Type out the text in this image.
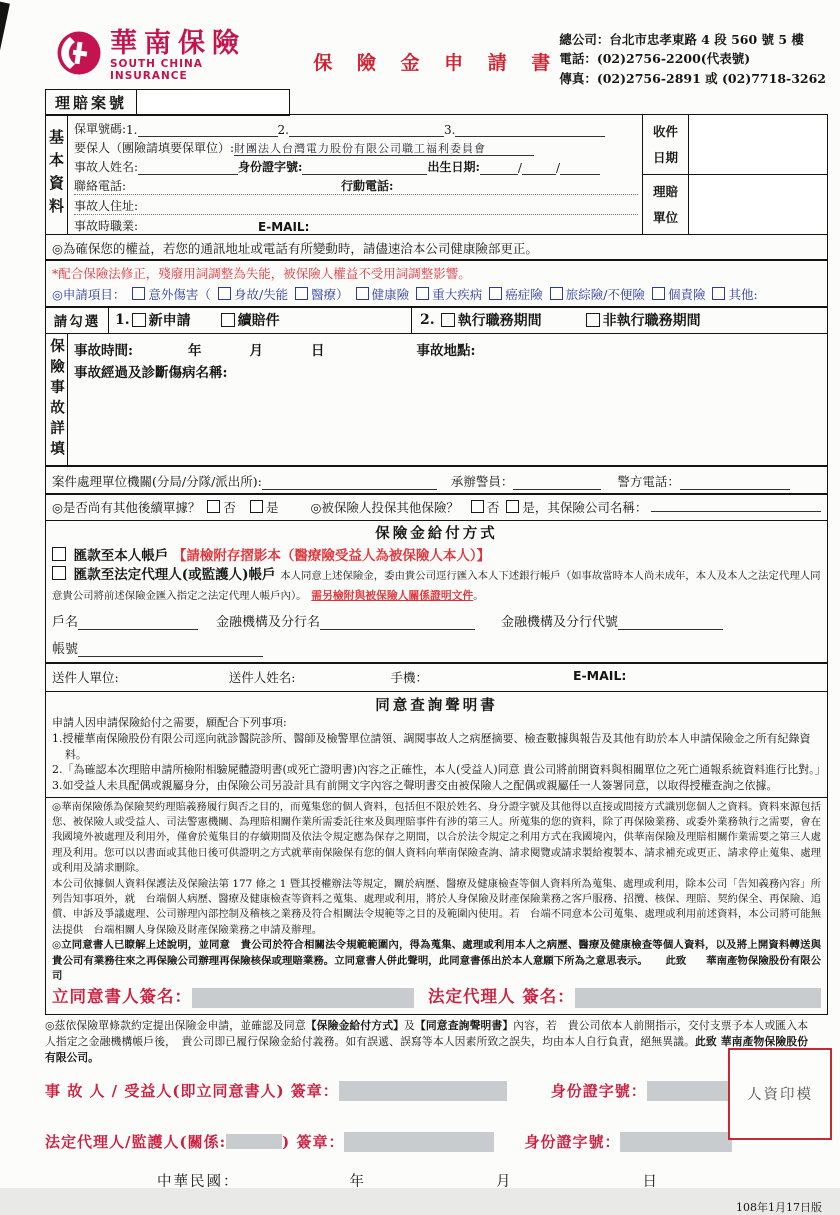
華南保險
SOUTH CHINA INSURANCE
保 險 金 申 請 書
總公司：台北市忠孝東路 4 段 560 號 5 樓
電話：(02)2756-2200(代表號)
傳真：(02)2756-2891 或 (02)7718-3262
理賠案號
基本資料 保單號碼: 1.	2.	3.
要保人（團險請填要保單位）: 財團法人台灣電力股份有限公司職工福利委員會
事故人姓名:	身份證字號:	出生日期:	/	/
聯絡電話:	行動電話:
事故人住址:
事故時職業:	E-MAIL:
收件日期
理賠單位
◎為確保您的權益，若您的通訊地址或電話有所變動時，請儘速洽本公司健康險部更正。
*配合保險法修正，殘廢用詞調整為失能，被保險人權益不受用詞調整影響。
◎申請項目： 意外傷害（ 身故/失能 醫療） 健康險 重大疾病 癌症險 旅綜險/不便險 個責險 其他:
請勾選	1. 新申請	續賠件	2. 執行職務期間	非執行職務期間
保險事故詳填 事故時間:	年	月	日	事故地點:
事故經過及診斷傷病名稱:
案件處理單位機關(分局/分隊/派出所):	承辦警員：	警方電話：
◎是否尚有其他後續單據？ 否 是	◎被保險人投保其他保險？ 否 是，其保險公司名稱：
保險金給付方式
匯款至本人帳戶 【請檢附存摺影本（醫療險受益人為被保險人本人）】
匯款至法定代理人(或監護人)帳戶 本人同意上述保險金，委由貴公司逕行匯入本人下述銀行帳戶（如事故當時本人尚未成年，本人及本人之法定代理人同意貴公司將前述保險金匯入指定之法定代理人帳戶內）。 需另檢附與被保險人關係證明文件。
戶名	金融機構及分行名	金融機構及分行代號
帳號
送件人單位:	送件人姓名:	手機：	E-MAIL:
同意查詢聲明書
申請人因申請保險給付之需要，願配合下列事項:
1.授權華南保險股份有限公司逕向就診醫院診所、醫師及檢警單位請領、調閱事故人之病歷摘要、檢查數據與報告及其他有助於本人申請保險金之所有紀錄資料。
2.「為確認本次理賠申請所檢附相驗屍體證明書(或死亡證明書)內容之正確性，本人(受益人)同意 貴公司將前開資料與相關單位之死亡通報系統資料進行比對。」
3.如受益人未具配偶或親屬身分，由保險公司另設計具有前開文字內容之聲明書交由被保險人之配偶或親屬任一人簽署同意，以取得授權查詢之依據。

◎華南保險係為保險契約理賠義務履行與否之目的，而蒐集您的個人資料，包括但不限於姓名、身分證字號及其他得以直接或間接方式識別您個人之資料。資料來源包括您、被保險人或受益人、司法警憲機關、為理賠相關作業所需委託往來及與理賠事件有涉的第三人。所蒐集的您的資料，除了再保險業務、或委外業務執行之需要，會在我國境外被處理及利用外，僅會於蒐集目的存續期間及依法令規定應為保存之期間，以合於法令規定之利用方式在我國境內，供華南保險及理賠相關作業需要之第三人處理及利用。您可以以書面或其他日後可供證明之方式就華南保險保有您的個人資料向華南保險查詢、請求閱覽或請求製給複製本、請求補充或更正、請求停止蒐集、處理或利用及請求刪除。

本公司依據個人資料保護法及保險法第 177 條之 1 暨其授權辦法等規定，關於病歷、醫療及健康檢查等個人資料所為蒐集、處理或利用，除本公司「告知義務內容」所列告知事項外，就　台端個人病歷、醫療及健康檢查等資料之蒐集、處理或利用，將於人身保險及財產保險業務之客戶服務、招攬、核保、理賠、契約保全、再保險、追償、申訴及爭議處理、公司辦理內部控制及稽核之業務及符合相關法令規範等之目的及範圍內使用。若　台端不同意本公司蒐集、處理或利用前述資料，本公司將可能無法提供　台端相關人身保險及財產保險業務之申請及辦理。

◎立同意書人已瞭解上述說明，並同意　貴公司於符合相關法令規範範圍內，得為蒐集、處理或利用本人之病歷、醫療及健康檢查等個人資料，以及將上開資料轉送與　貴公司有業務往來之再保險公司辦理再保險核保或理賠業務。立同意書人併此聲明，此同意書係出於本人意願下所為之意思表示。 此致 華南產物保險股份有限公司

立同意書人簽名：	法定代理人 簽名：

◎茲依保險單條款約定提出保險金申請，並確認及同意【保險金給付方式】及【同意查詢聲明書】內容，若　貴公司依本人前開指示，交付支票予本人或匯入本人指定之金融機構帳戶後，　貴公司即已履行保險金給付義務。如有誤遞、誤寫等本人因素所致之誤失，均由本人自行負責，絕無異議。此致 華南產物保險股份有限公司。

事 故 人 / 受益人(即立同意書人) 簽章：	身份證字號：
法定代理人/監護人(關係:	) 簽章：	身份證字號：
中華民國：	年	月	日
108年1月17日版
人資印模
